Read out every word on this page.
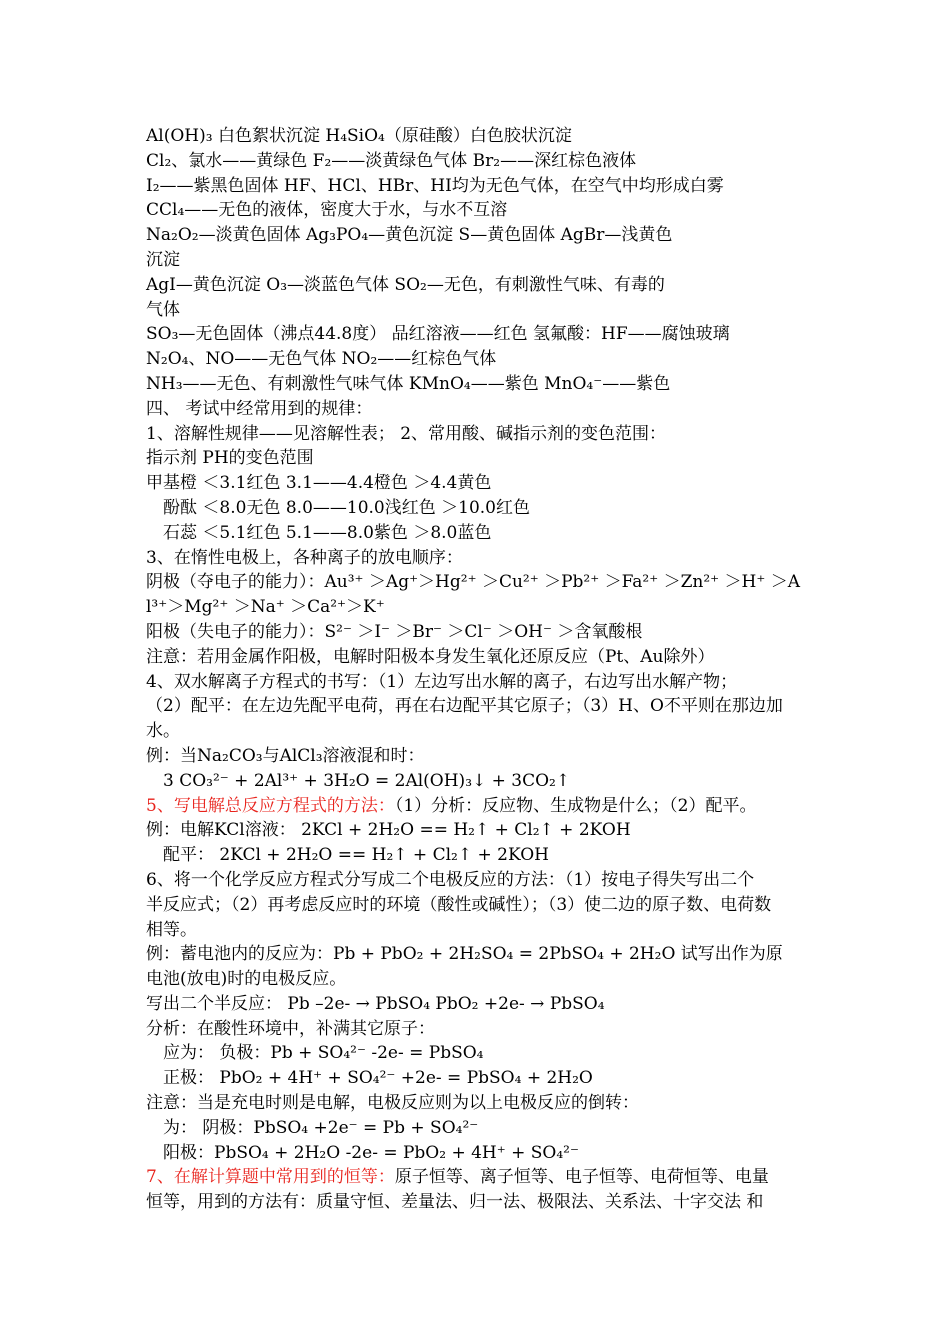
Al(OH)₃ 白色絮状沉淀 H₄SiO₄（原硅酸）白色胶状沉淀
Cl₂、氯水——黄绿色 F₂——淡黄绿色气体 Br₂——深红棕色液体
I₂——紫黑色固体 HF、HCl、HBr、HI均为无色气体，在空气中均形成白雾
CCl₄——无色的液体，密度大于水，与水不互溶
Na₂O₂—淡黄色固体 Ag₃PO₄—黄色沉淀 S—黄色固体 AgBr—浅黄色
沉淀
AgI—黄色沉淀 O₃—淡蓝色气体 SO₂—无色，有刺激性气味、有毒的
气体
SO₃—无色固体（沸点44.8度） 品红溶液——红色 氢氟酸：HF——腐蚀玻璃
N₂O₄、NO——无色气体 NO₂——红棕色气体
NH₃——无色、有刺激性气味气体 KMnO₄——紫色 MnO₄⁻——紫色
四、 考试中经常用到的规律：
1、溶解性规律——见溶解性表； 2、常用酸、碱指示剂的变色范围：
指示剂 PH的变色范围
甲基橙 ＜3.1红色 3.1——4.4橙色 ＞4.4黄色
酚酞 ＜8.0无色 8.0——10.0浅红色 ＞10.0红色
石蕊 ＜5.1红色 5.1——8.0紫色 ＞8.0蓝色
3、在惰性电极上，各种离子的放电顺序：
阴极（夺电子的能力）：Au³⁺ ＞Ag⁺＞Hg²⁺ ＞Cu²⁺ ＞Pb²⁺ ＞Fa²⁺ ＞Zn²⁺ ＞H⁺ ＞A
l³⁺＞Mg²⁺ ＞Na⁺ ＞Ca²⁺＞K⁺
阳极（失电子的能力）：S²⁻ ＞I⁻ ＞Br⁻ ＞Cl⁻ ＞OH⁻ ＞含氧酸根
注意：若用金属作阳极，电解时阳极本身发生氧化还原反应（Pt、Au除外）
4、双水解离子方程式的书写：（1）左边写出水解的离子，右边写出水解产物；
（2）配平：在左边先配平电荷，再在右边配平其它原子；（3）H、O不平则在那边加
水。
例：当Na₂CO₃与AlCl₃溶液混和时：
3 CO₃²⁻ + 2Al³⁺ + 3H₂O = 2Al(OH)₃↓ + 3CO₂↑
5、写电解总反应方程式的方法：（1）分析：反应物、生成物是什么；（2）配平。
例：电解KCl溶液： 2KCl + 2H₂O == H₂↑ + Cl₂↑ + 2KOH
配平： 2KCl + 2H₂O == H₂↑ + Cl₂↑ + 2KOH
6、将一个化学反应方程式分写成二个电极反应的方法：（1）按电子得失写出二个
半反应式；（2）再考虑反应时的环境（酸性或碱性）；（3）使二边的原子数、电荷数
相等。
例：蓄电池内的反应为：Pb + PbO₂ + 2H₂SO₄ = 2PbSO₄ + 2H₂O 试写出作为原
电池(放电)时的电极反应。
写出二个半反应： Pb –2e- → PbSO₄ PbO₂ +2e- → PbSO₄
分析：在酸性环境中，补满其它原子：
应为： 负极：Pb + SO₄²⁻ -2e- = PbSO₄
正极： PbO₂ + 4H⁺ + SO₄²⁻ +2e- = PbSO₄ + 2H₂O
注意：当是充电时则是电解，电极反应则为以上电极反应的倒转：
为： 阴极：PbSO₄ +2e⁻ = Pb + SO₄²⁻
阳极：PbSO₄ + 2H₂O -2e- = PbO₂ + 4H⁺ + SO₄²⁻
7、在解计算题中常用到的恒等：原子恒等、离子恒等、电子恒等、电荷恒等、电量
恒等，用到的方法有：质量守恒、差量法、归一法、极限法、关系法、十字交法 和
